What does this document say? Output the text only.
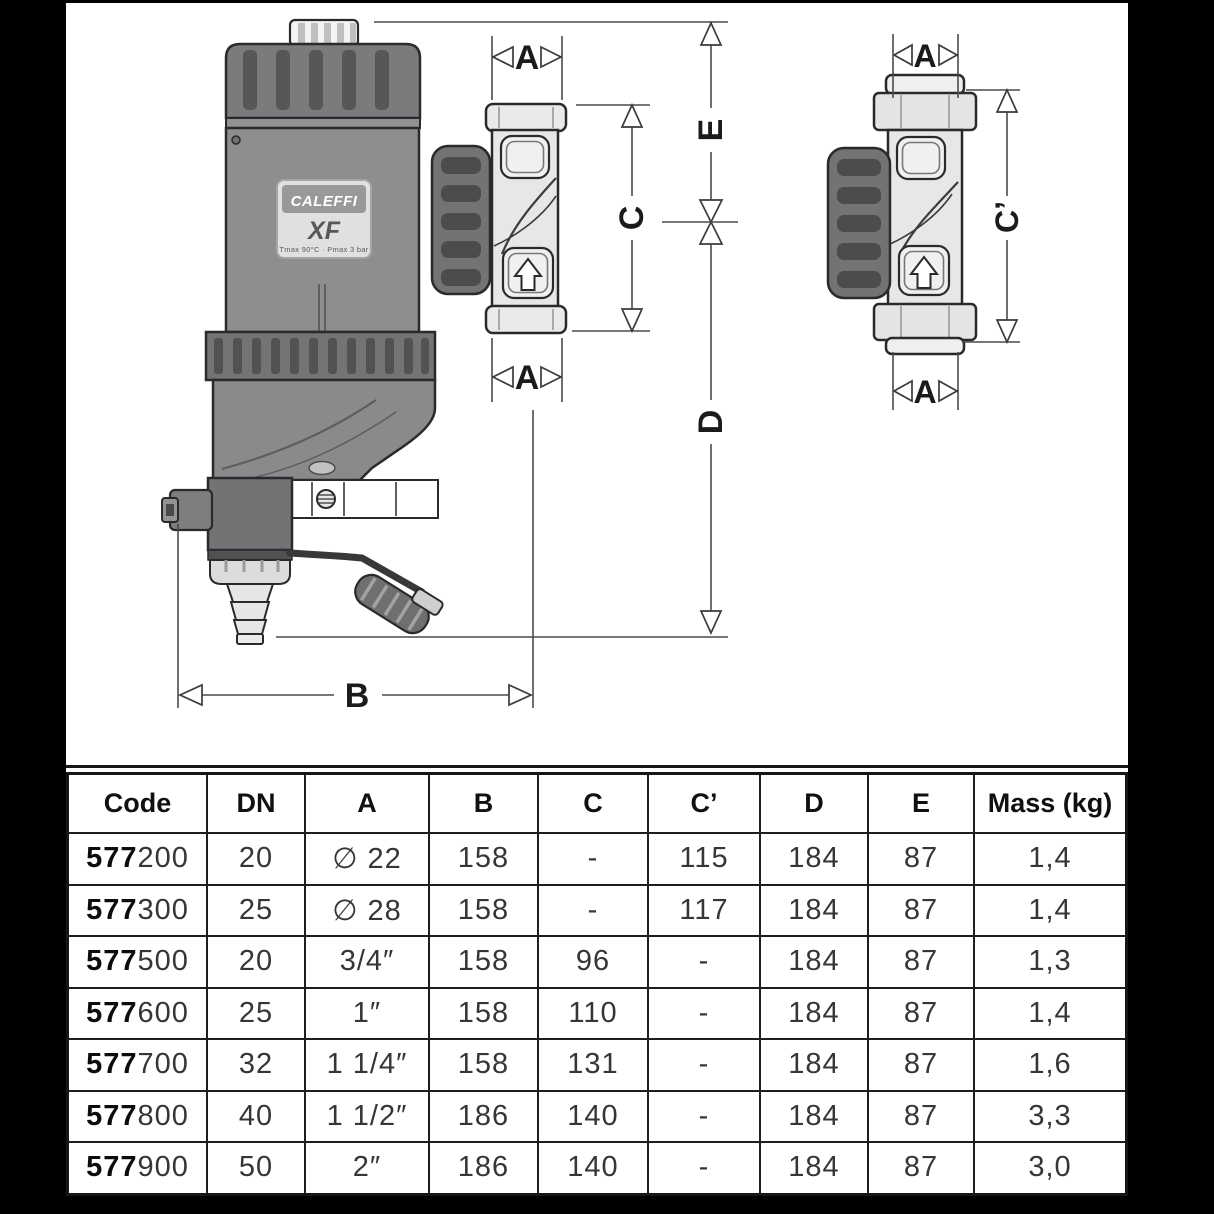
CALEFFI
XF
Tmax 90°C · Pmax 3 bar
A
A
C
E
D
B
A
C’
A
Code	DN	A	B	C	C’	D	E	Mass (kg)
577 200	20	∅ 22	158	-	115	184	87	1,4
577 300	25	∅ 28	158	-	117	184	87	1,4
577 500	20	3/4″	158	96	-	184	87	1,3
577 600	25	1″	158	110	-	184	87	1,4
577 700	32	1 1/4″	158	131	-	184	87	1,6
577 800	40	1 1/2″	186	140	-	184	87	3,3
577 900	50	2″	186	140	-	184	87	3,0
